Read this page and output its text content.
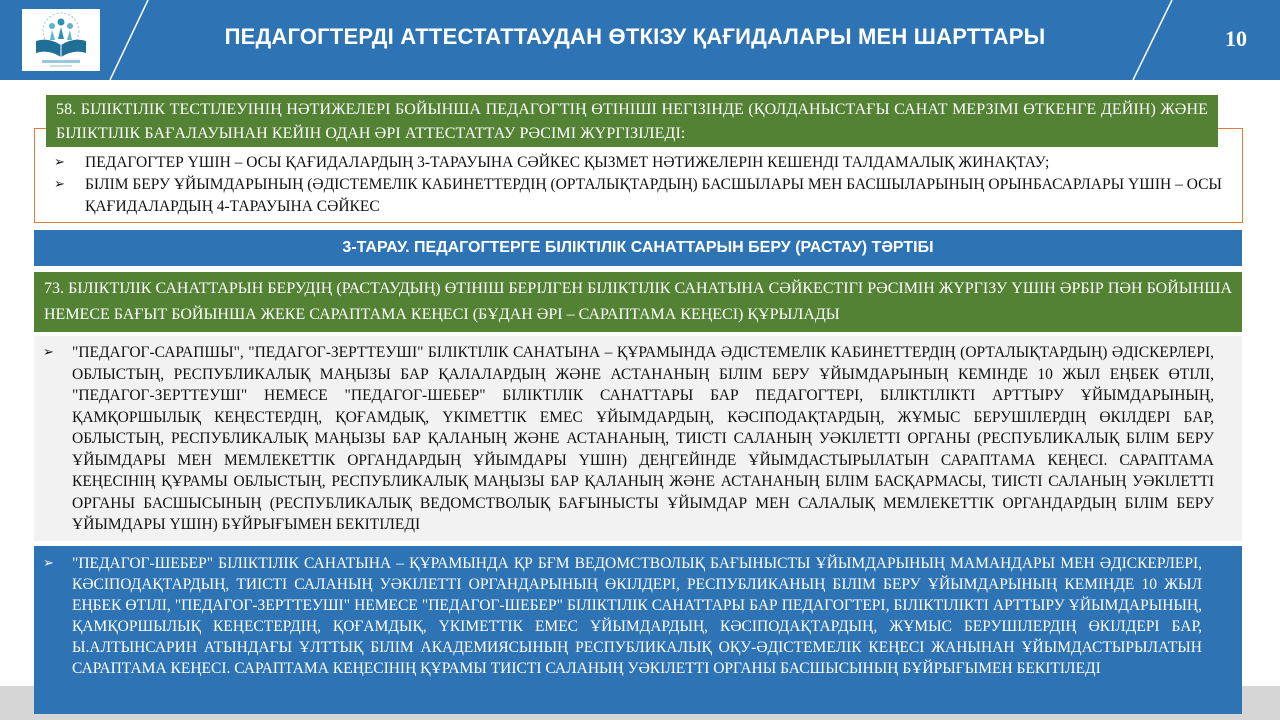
ПЕДАГОГТЕРДІ АТТЕСТАТТАУДАН ӨТКІЗУ ҚАҒИДАЛАРЫ МЕН ШАРТТАРЫ	10
58. БІЛІКТІЛІК ТЕСТІЛЕУІНІҢ НӘТИЖЕЛЕРІ БОЙЫНША ПЕДАГОГТІҢ ӨТІНІШІ НЕГІЗІНДЕ (ҚОЛДАНЫСТАҒЫ САНАТ МЕРЗІМІ ӨТКЕНГЕ ДЕЙІН) ЖӘНЕ БІЛІКТІЛІК БАҒАЛАУЫНАН КЕЙІН ОДАН ӘРІ АТТЕСТАТТАУ РӘСІМІ ЖҮРГІЗІЛЕДІ:
➢ ПЕДАГОГТЕР ҮШІН – ОСЫ ҚАҒИДАЛАРДЫҢ 3-ТАРАУЫНА СӘЙКЕС ҚЫЗМЕТ НӘТИЖЕЛЕРІН КЕШЕНДІ ТАЛДАМАЛЫҚ ЖИНАҚТАУ;
➢ БІЛІМ БЕРУ ҰЙЫМДАРЫНЫҢ (ӘДІСТЕМЕЛІК КАБИНЕТТЕРДІҢ (ОРТАЛЫҚТАРДЫҢ) БАСШЫЛАРЫ МЕН БАСШЫЛАРЫНЫҢ ОРЫНБАСАРЛАРЫ ҮШІН – ОСЫ ҚАҒИДАЛАРДЫҢ 4-ТАРАУЫНА СӘЙКЕС
3-ТАРАУ. ПЕДАГОГТЕРГЕ БІЛІКТІЛІК САНАТТАРЫН БЕРУ (РАСТАУ) ТӘРТІБІ
73. БІЛІКТІЛІК САНАТТАРЫН БЕРУДІҢ (РАСТАУДЫҢ) ӨТІНІШ БЕРІЛГЕН БІЛІКТІЛІК САНАТЫНА СӘЙКЕСТІГІ РӘСІМІН ЖҮРГІЗУ ҮШІН ӘРБІР ПӘН БОЙЫНША НЕМЕСЕ БАҒЫТ БОЙЫНША ЖЕКЕ САРАПТАМА КЕҢЕСІ (БҰДАН ӘРІ – САРАПТАМА КЕҢЕСІ) ҚҰРЫЛАДЫ
➢ "ПЕДАГОГ-САРАПШЫ", "ПЕДАГОГ-ЗЕРТТЕУШІ" БІЛІКТІЛІК САНАТЫНА – ҚҰРАМЫНДА ӘДІСТЕМЕЛІК КАБИНЕТТЕРДІҢ (ОРТАЛЫҚТАРДЫҢ) ӘДІСКЕРЛЕРІ, ОБЛЫСТЫҢ, РЕСПУБЛИКАЛЫҚ МАҢЫЗЫ БАР ҚАЛАЛАРДЫҢ ЖӘНЕ АСТАНАНЫҢ БІЛІМ БЕРУ ҰЙЫМДАРЫНЫҢ КЕМІНДЕ 10 ЖЫЛ ЕҢБЕК ӨТІЛІ, "ПЕДАГОГ-ЗЕРТТЕУШІ" НЕМЕСЕ "ПЕДАГОГ-ШЕБЕР" БІЛІКТІЛІК САНАТТАРЫ БАР ПЕДАГОГТЕРІ, БІЛІКТІЛІКТІ АРТТЫРУ ҰЙЫМДАРЫНЫҢ, ҚАМҚОРШЫЛЫҚ КЕҢЕСТЕРДІҢ, ҚОҒАМДЫҚ, ҮКІМЕТТІК ЕМЕС ҰЙЫМДАРДЫҢ, КӘСІПОДАҚТАРДЫҢ, ЖҰМЫС БЕРУШІЛЕРДІҢ ӨКІЛДЕРІ БАР, ОБЛЫСТЫҢ, РЕСПУБЛИКАЛЫҚ МАҢЫЗЫ БАР ҚАЛАНЫҢ ЖӘНЕ АСТАНАНЫҢ, ТИІСТІ САЛАНЫҢ УӘКІЛЕТТІ ОРГАНЫ (РЕСПУБЛИКАЛЫҚ БІЛІМ БЕРУ ҰЙЫМДАРЫ МЕН МЕМЛЕКЕТТІК ОРГАНДАРДЫҢ ҰЙЫМДАРЫ ҮШІН) ДЕҢГЕЙІНДЕ ҰЙЫМДАСТЫРЫЛАТЫН САРАПТАМА КЕҢЕСІ. САРАПТАМА КЕҢЕСІНІҢ ҚҰРАМЫ ОБЛЫСТЫҢ, РЕСПУБЛИКАЛЫҚ МАҢЫЗЫ БАР ҚАЛАНЫҢ ЖӘНЕ АСТАНАНЫҢ БІЛІМ БАСҚАРМАСЫ, ТИІСТІ САЛАНЫҢ УӘКІЛЕТТІ ОРГАНЫ БАСШЫСЫНЫҢ (РЕСПУБЛИКАЛЫҚ ВЕДОМСТВОЛЫҚ БАҒЫНЫСТЫ ҰЙЫМДАР МЕН САЛАЛЫҚ МЕМЛЕКЕТТІК ОРГАНДАРДЫҢ БІЛІМ БЕРУ ҰЙЫМДАРЫ ҮШІН) БҰЙРЫҒЫМЕН БЕКІТІЛЕДІ
➢ "ПЕДАГОГ-ШЕБЕР" БІЛІКТІЛІК САНАТЫНА – ҚҰРАМЫНДА ҚР БҒМ ВЕДОМСТВОЛЫҚ БАҒЫНЫСТЫ ҰЙЫМДАРЫНЫҢ МАМАНДАРЫ МЕН ӘДІСКЕРЛЕРІ, КӘСІПОДАҚТАРДЫҢ, ТИІСТІ САЛАНЫҢ УӘКІЛЕТТІ ОРГАНДАРЫНЫҢ ӨКІЛДЕРІ, РЕСПУБЛИКАНЫҢ БІЛІМ БЕРУ ҰЙЫМДАРЫНЫҢ КЕМІНДЕ 10 ЖЫЛ ЕҢБЕК ӨТІЛІ, "ПЕДАГОГ-ЗЕРТТЕУШІ" НЕМЕСЕ "ПЕДАГОГ-ШЕБЕР" БІЛІКТІЛІК САНАТТАРЫ БАР ПЕДАГОГТЕРІ, БІЛІКТІЛІКТІ АРТТЫРУ ҰЙЫМДАРЫНЫҢ, ҚАМҚОРШЫЛЫҚ КЕҢЕСТЕРДІҢ, ҚОҒАМДЫҚ, ҮКІМЕТТІК ЕМЕС ҰЙЫМДАРДЫҢ, КӘСІПОДАҚТАРДЫҢ, ЖҰМЫС БЕРУШІЛЕРДІҢ ӨКІЛДЕРІ БАР, Ы.АЛТЫНСАРИН АТЫНДАҒЫ ҰЛТТЫҚ БІЛІМ АКАДЕМИЯСЫНЫҢ РЕСПУБЛИКАЛЫҚ ОҚУ-ӘДІСТЕМЕЛІК КЕҢЕСІ ЖАНЫНАН ҰЙЫМДАСТЫРЫЛАТЫН САРАПТАМА КЕҢЕСІ. САРАПТАМА КЕҢЕСІНІҢ ҚҰРАМЫ ТИІСТІ САЛАНЫҢ УӘКІЛЕТТІ ОРГАНЫ БАСШЫСЫНЫҢ БҰЙРЫҒЫМЕН БЕКІТІЛЕДІ
